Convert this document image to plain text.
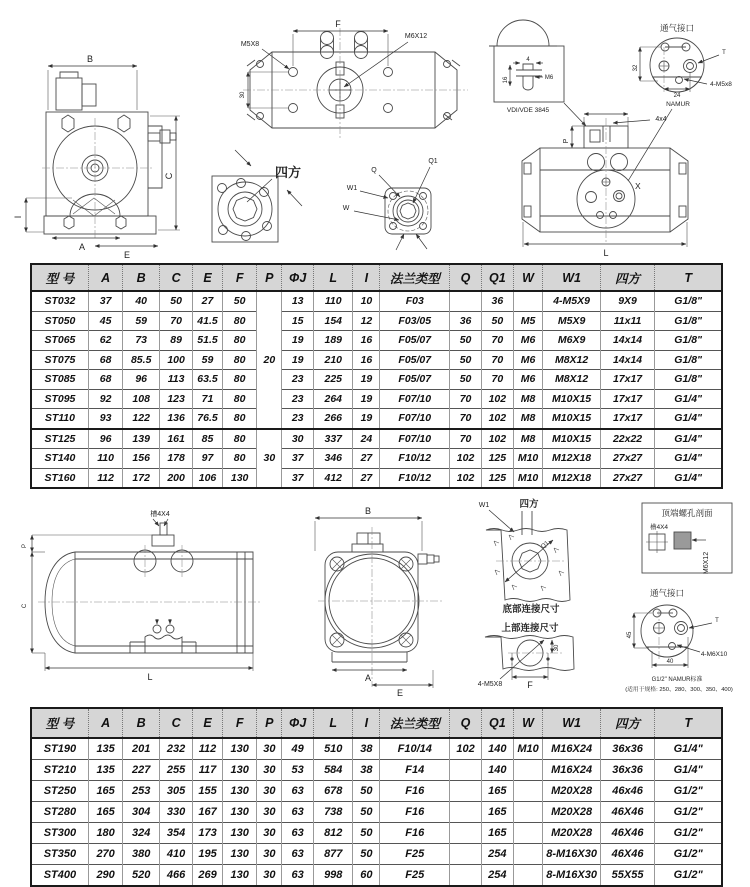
B
C
I
A
E
F
M5X8
M6X12
30
四方	Q
Q1
W1
W
4
16	M6
VDI/VDE 3845
通气接口
32
24
T
4-M5x8
NAMUR
4x4
P
X
L
型 号	A	B	C	E	F	P	ΦJ	L	I	法兰类型	Q	Q1	W	W1	四方	T
ST032	37	40	50	27	50	20	13	110	10	F03		36		4-M5X9	9X9	G1/8"
ST050	45	59	70	41.5	80		15	154	12	F03/05	36	50	M5	M5X9	11x11	G1/8"
ST065	62	73	89	51.5	80		19	189	16	F05/07	50	70	M6	M6X9	14x14	G1/8"
ST075	68	85.5	100	59	80		19	210	16	F05/07	50	70	M6	M8X12	14x14	G1/8"
ST085	68	96	113	63.5	80		23	225	19	F05/07	50	70	M6	M8X12	17x17	G1/8"
ST095	92	108	123	71	80		23	264	19	F07/10	70	102	M8	M10X15	17x17	G1/4"
ST110	93	122	136	76.5	80		23	266	19	F07/10	70	102	M8	M10X15	17x17	G1/4"
ST125	96	139	161	85	80	30	30	337	24	F07/10	70	102	M8	M10X15	22x22	G1/4"
ST140	110	156	178	97	80		37	346	27	F10/12	102	125	M10	M12X18	27x27	G1/4"
ST160	112	172	200	106	130		37	412	27	F10/12	102	125	M10	M12X18	27x27	G1/4"
槽4X4
P
C
L
B
A
E
四方
W1
Q1
底部连接尺寸
上部连接尺寸
30
F
4-M5X8
顶端螺孔剖面
槽4X4
M6X12
通气接口
45
40
T
4-M6X10
G1/2" NAMUR标准
(适用于规格: 250、280、300、350、400)
型 号	A	B	C	E	F	P	ΦJ	L	I	法兰类型	Q	Q1	W	W1	四方	T
ST190	135	201	232	112	130	30	49	510	38	F10/14	102	140	M10	M16X24	36x36	G1/4"
ST210	135	227	255	117	130	30	53	584	38	F14		140		M16X24	36x36	G1/4"
ST250	165	253	305	155	130	30	63	678	50	F16		165		M20X28	46x46	G1/2"
ST280	165	304	330	167	130	30	63	738	50	F16		165		M20X28	46X46	G1/2"
ST300	180	324	354	173	130	30	63	812	50	F16		165		M20X28	46X46	G1/2"
ST350	270	380	410	195	130	30	63	877	50	F25		254		8-M16X30	46X46	G1/2"
ST400	290	520	466	269	130	30	63	998	60	F25		254		8-M16X30	55X55	G1/2"
